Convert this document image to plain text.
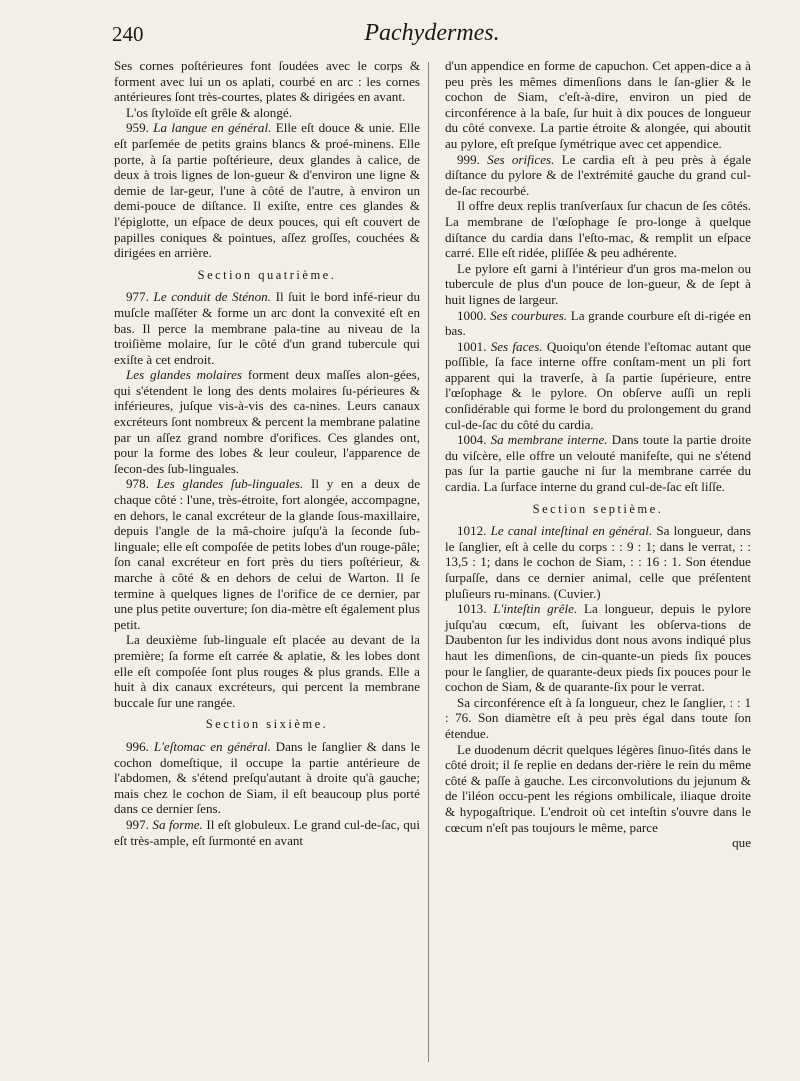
240	Pachydermes.

Ses cornes poſtérieures font ſoudées avec le corps & forment avec lui un os aplati, courbé en arc : les cornes antérieures ſont très-courtes, plates & dirigées en avant.

L'os ſtyloïde eſt grêle & alongé.

959. La langue en général. Elle eſt douce & unie. Elle eſt parſemée de petits grains blancs & proé-minens. Elle porte, à ſa partie poſtérieure, deux glandes à calice, de deux à trois lignes de lon-gueur & d'environ une ligne & demie de lar-geur, l'une à côté de l'autre, à environ un demi-pouce de diſtance. Il exiſte, entre ces glandes & l'épiglotte, un eſpace de deux pouces, qui eſt couvert de papilles coniques & pointues, aſſez groſſes, couchées & dirigées en arrière.

Section quatrième.

977. Le conduit de Sténon. Il ſuit le bord infé-rieur du muſcle maſſéter & forme un arc dont la convexité eſt en bas. Il perce la membrane pala-tine au niveau de la troiſième molaire, ſur le côté d'un grand tubercule qui exiſte à cet endroit.

Les glandes molaires forment deux maſſes alon-gées, qui s'étendent le long des dents molaires ſu-périeures & inférieures, juſque vis-à-vis des ca-nines. Leurs canaux excréteurs ſont nombreux & percent la membrane palatine par un aſſez grand nombre d'orifices. Ces glandes ont, pour la forme des lobes & leur couleur, l'apparence de ſecon-des ſub-linguales.

978. Les glandes ſub-linguales. Il y en a deux de chaque côté : l'une, très-étroite, fort alongée, accompagne, en dehors, le canal excréteur de la glande ſous-maxillaire, depuis l'angle de la mâ-choire juſqu'à la ſeconde ſub-linguale; elle eſt compoſée de petits lobes d'un rouge-pâle; ſon canal excréteur en fort près du tiers poſtérieur, & marche à côté & en dehors de celui de Warton. Il ſe termine à quelques lignes de l'orifice de ce dernier, par une plus petite ouverture; ſon dia-mètre eſt également plus petit.

La deuxième ſub-linguale eſt placée au devant de la première; ſa forme eſt carrée & aplatie, & les lobes dont elle eſt compoſée ſont plus rouges & plus grands. Elle a huit à dix canaux excréteurs, qui percent la membrane buccale ſur une rangée.

Section sixième.

996. L'eſtomac en général. Dans le ſanglier & dans le cochon domeſtique, il occupe la partie antérieure de l'abdomen, & s'étend preſqu'autant à droite qu'à gauche; mais chez le cochon de Siam, il eſt beaucoup plus porté dans ce dernier ſens.

997. Sa forme. Il eſt globuleux. Le grand cul-de-ſac, qui eſt très-ample, eſt ſurmonté en avant

d'un appendice en forme de capuchon. Cet appen-dice a à peu près les mêmes dimenſions dans le ſan-glier & le cochon de Siam, c'eſt-à-dire, environ un pied de circonférence à la baſe, ſur huit à dix pouces de longueur du côté convexe. La partie étroite & alongée, qui aboutit au pylore, eſt preſque ſymétrique avec cet appendice.

999. Ses orifices. Le cardia eſt à peu près à égale diſtance du pylore & de l'extrémité gauche du grand cul-de-ſac recourbé.

Il offre deux replis tranſverſaux ſur chacun de ſes côtés. La membrane de l'œſophage ſe pro-longe à quelque diſtance du cardia dans l'eſto-mac, & remplit un eſpace carré. Elle eſt ridée, pliſſée & peu adhérente.

Le pylore eſt garni à l'intérieur d'un gros ma-melon ou tubercule de plus d'un pouce de lon-gueur, & de ſept à huit lignes de largeur.

1000. Ses courbures. La grande courbure eſt di-rigée en bas.

1001. Ses faces. Quoiqu'on étende l'eſtomac autant que poſſible, ſa face interne offre conſtam-ment un pli fort apparent qui la traverſe, à ſa partie ſupérieure, entre l'œſophage & le pylore. On obſerve auſſi un repli conſidérable qui forme le bord du prolongement du grand cul-de-ſac du côté du cardia.

1004. Sa membrane interne. Dans toute la partie droite du viſcère, elle offre un velouté manifeſte, qui ne s'étend pas ſur la partie gauche ni ſur la membrane carrée du cardia. La ſurface interne du grand cul-de-ſac eſt liſſe.

Section septième.

1012. Le canal inteſtinal en général. Sa longueur, dans le ſanglier, eſt à celle du corps : : 9 : 1; dans le verrat, : : 13,5 : 1; dans le cochon de Siam, : : 16 : 1. Son étendue ſurpaſſe, dans ce dernier animal, celle que préſentent pluſieurs ru-minans. (Cuvier.)

1013. L'inteſtin grêle. La longueur, depuis le pylore juſqu'au cœcum, eſt, ſuivant les obſerva-tions de Daubenton ſur les individus dont nous avons indiqué plus haut les dimenſions, de cin-quante-un pieds ſix pouces pour le ſanglier, de quarante-deux pieds ſix pouces pour le cochon de Siam, & de quarante-ſix pour le verrat.

Sa circonférence eſt à ſa longueur, chez le ſanglier, : : 1 : 76. Son diamètre eſt à peu près égal dans toute ſon étendue.

Le duodenum décrit quelques légères ſinuo-ſités dans le côté droit; il ſe replie en dedans der-rière le rein du même côté & paſſe à gauche. Les circonvolutions du jejunum & de l'iléon occu-pent les régions ombilicale, iliaque droite & hypogaſtrique. L'endroit où cet inteſtin s'ouvre dans le cœcum n'eſt pas toujours le même, parce

que
